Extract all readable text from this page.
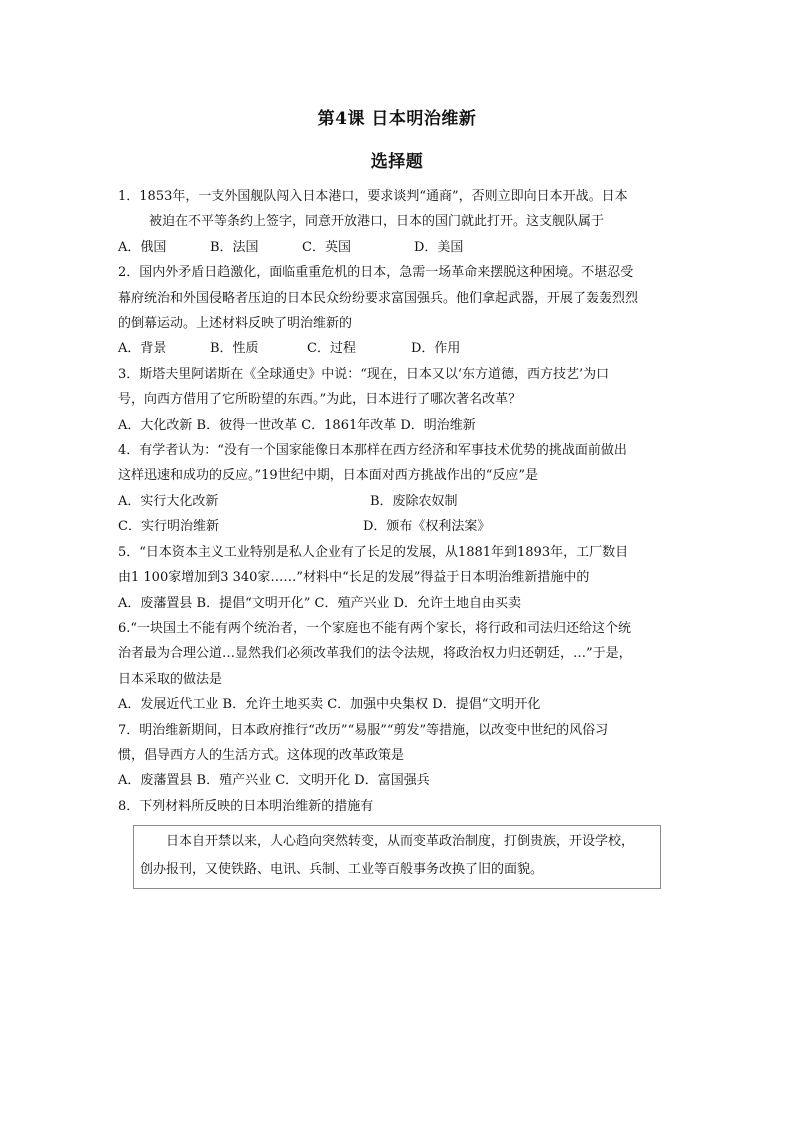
第4课 日本明治维新
选择题

1．1853年，一支外国舰队闯入日本港口，要求谈判“通商”，否则立即向日本开战。日本
被迫在不平等条约上签字，同意开放港口，日本的国门就此打开。这支舰队属于

A．俄国	B．法国	C．英国	D．美国

2．国内外矛盾日趋激化，面临重重危机的日本，急需一场革命来摆脱这种困境。不堪忍受
幕府统治和外国侵略者压迫的日本民众纷纷要求富国强兵。他们拿起武器，开展了轰轰烈烈
的倒幕运动。上述材料反映了明治维新的

A．背景	B．性质	C．过程	D．作用

3．斯塔夫里阿诺斯在《全球通史》中说：“现在，日本又以‘东方道德，西方技艺’为口
号，向西方借用了它所盼望的东西。”为此，日本进行了哪次著名改革？

A．大化改新 B．彼得一世改革 C．1861年改革 D．明治维新

4．有学者认为：“没有一个国家能像日本那样在西方经济和军事技术优势的挑战面前做出
这样迅速和成功的反应。”19世纪中期，日本面对西方挑战作出的“反应”是

A．实行大化改新	B．废除农奴制

C．实行明治维新	D．颁布《权利法案》

5．“日本资本主义工业特别是私人企业有了长足的发展，从1881年到1893年，工厂数目
由1 100家增加到3 340家……”材料中“长足的发展”得益于日本明治维新措施中的

A．废藩置县 B．提倡“文明开化” C．殖产兴业 D．允许土地自由买卖

6.“一块国土不能有两个统治者，一个家庭也不能有两个家长，将行政和司法归还给这个统
治者最为合理公道…显然我们必须改革我们的法令法规，将政治权力归还朝廷，…”于是，
日本采取的做法是

A．发展近代工业 B．允许土地买卖 C．加强中央集权 D．提倡“文明开化

7．明治维新期间，日本政府推行“改历”“易服”“剪发”等措施，以改变中世纪的风俗习
惯，倡导西方人的生活方式。这体现的改革政策是

A．废藩置县 B．殖产兴业 C．文明开化 D．富国强兵

8．下列材料所反映的日本明治维新的措施有

日本自开禁以来，人心趋向突然转变，从而变革政治制度，打倒贵族，开设学校，

创办报刊，又使铁路、电讯、兵制、工业等百般事务改换了旧的面貌。
